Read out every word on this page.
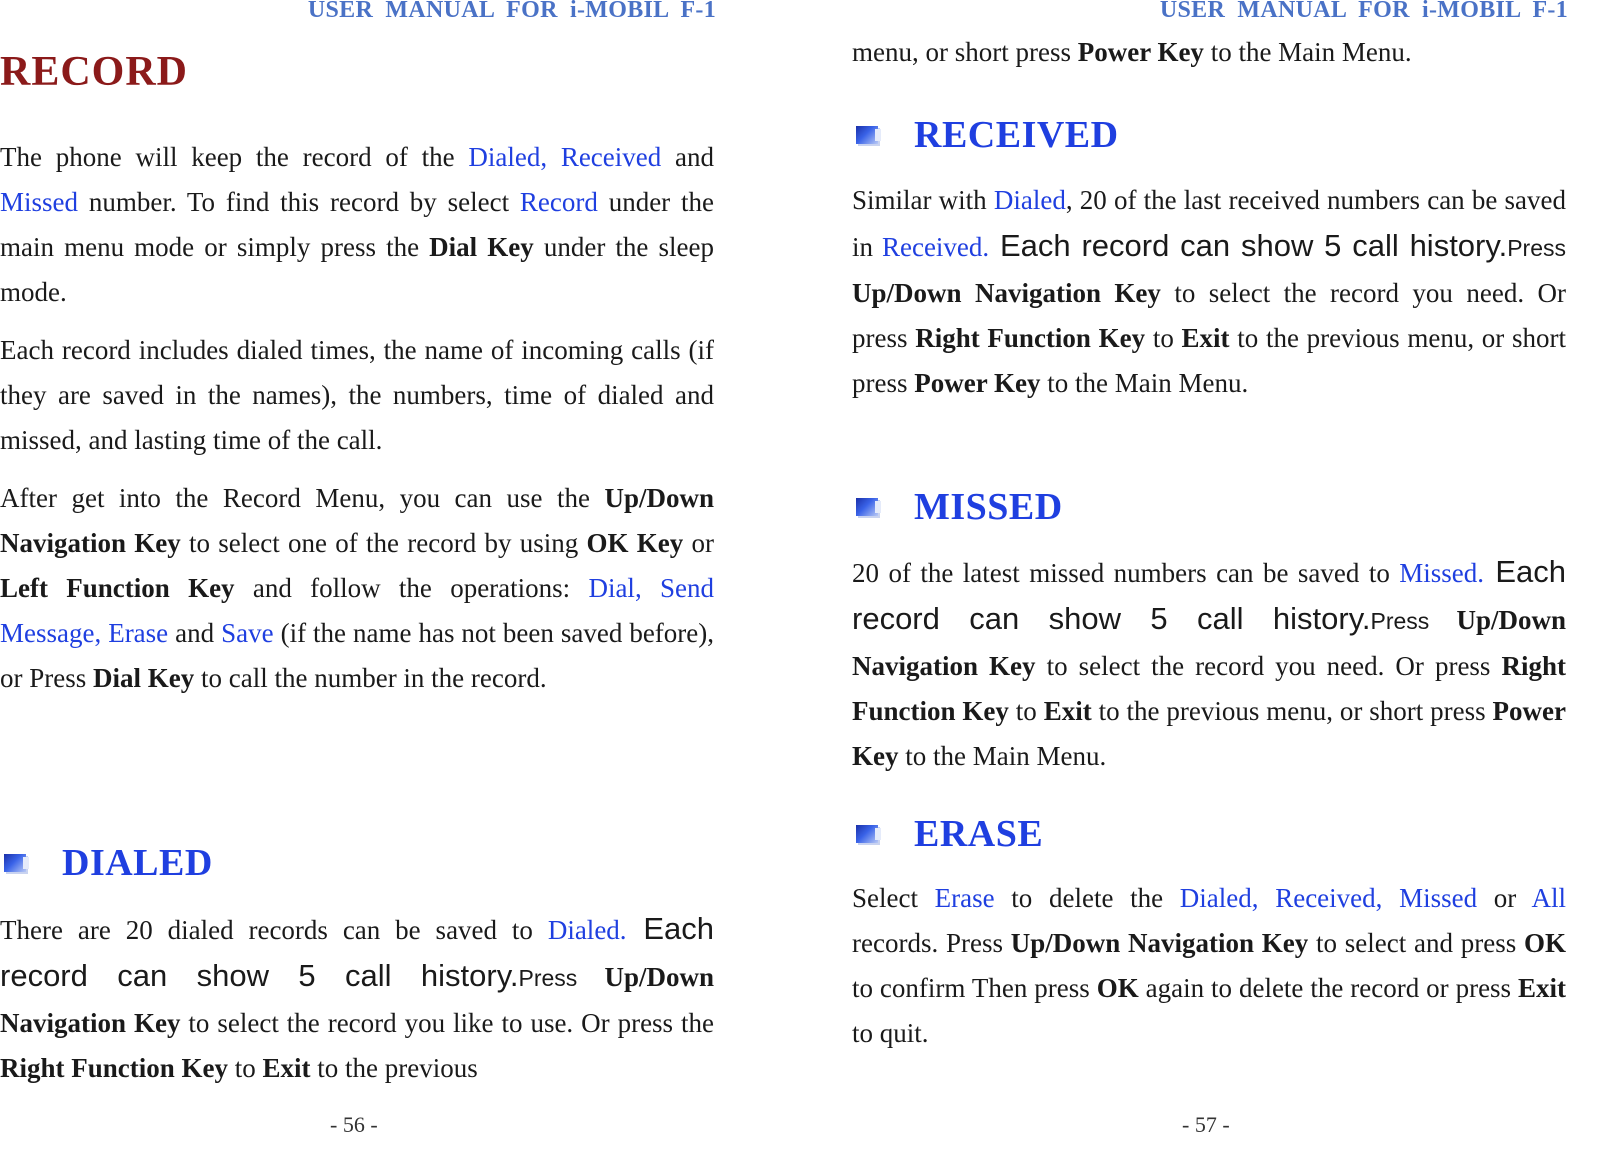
USER MANUAL FOR i-MOBIL F-1
RECORD

The phone will keep the record of the Dialed, Received and Missed number. To find this record by select Record under the main menu mode or simply press the Dial Key under the sleep mode.

Each record includes dialed times, the name of incoming calls (if they are saved in the names), the numbers, time of dialed and missed, and lasting time of the call.

After get into the Record Menu, you can use the Up/Down Navigation Key to select one of the record by using OK Key or Left Function Key and follow the operations: Dial, Send Message, Erase and Save (if the name has not been saved before), or Press Dial Key to call the number in the record.

DIALED

There are 20 dialed records can be saved to Dialed. Each record can show 5 call history.Press Up/Down Navigation Key to select the record you like to use. Or press the Right Function Key to Exit to the previous

- 56 -
USER MANUAL FOR i-MOBIL F-1

menu, or short press Power Key to the Main Menu.

RECEIVED

Similar with Dialed, 20 of the last received numbers can be saved in Received. Each record can show 5 call history.Press Up/Down Navigation Key to select the record you need. Or press Right Function Key to Exit to the previous menu, or short press Power Key to the Main Menu.

MISSED

20 of the latest missed numbers can be saved to Missed. Each record can show 5 call history.Press Up/Down Navigation Key to select the record you need. Or press Right Function Key to Exit to the previous menu, or short press Power Key to the Main Menu.

ERASE

Select Erase to delete the Dialed, Received, Missed or All records. Press Up/Down Navigation Key to select and press OK to confirm Then press OK again to delete the record or press Exit to quit.

- 57 -
